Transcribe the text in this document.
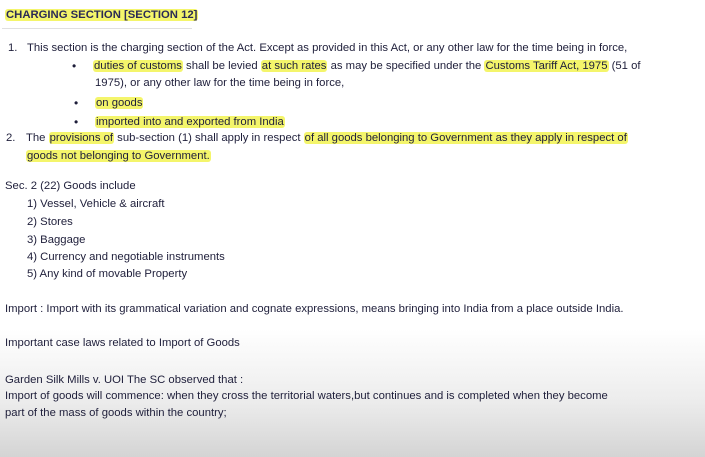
CHARGING SECTION [SECTION 12]
1. This section is the charging section of the Act. Except as provided in this Act, or any other law for the time being in force,
• duties of customs shall be levied at such rates as may be specified under the Customs Tariff Act, 1975 (51 of
1975), or any other law for the time being in force,
• on goods
• imported into and exported from India
2. The provisions of sub-section (1) shall apply in respect of all goods belonging to Government as they apply in respect of
goods not belonging to Government.
Sec. 2 (22) Goods include
1) Vessel, Vehicle & aircraft
2) Stores
3) Baggage
4) Currency and negotiable instruments
5) Any kind of movable Property
Import : Import with its grammatical variation and cognate expressions, means bringing into India from a place outside India.
Important case laws related to Import of Goods
Garden Silk Mills v. UOI The SC observed that :
Import of goods will commence: when they cross the territorial waters,but continues and is completed when they become
part of the mass of goods within the country;
